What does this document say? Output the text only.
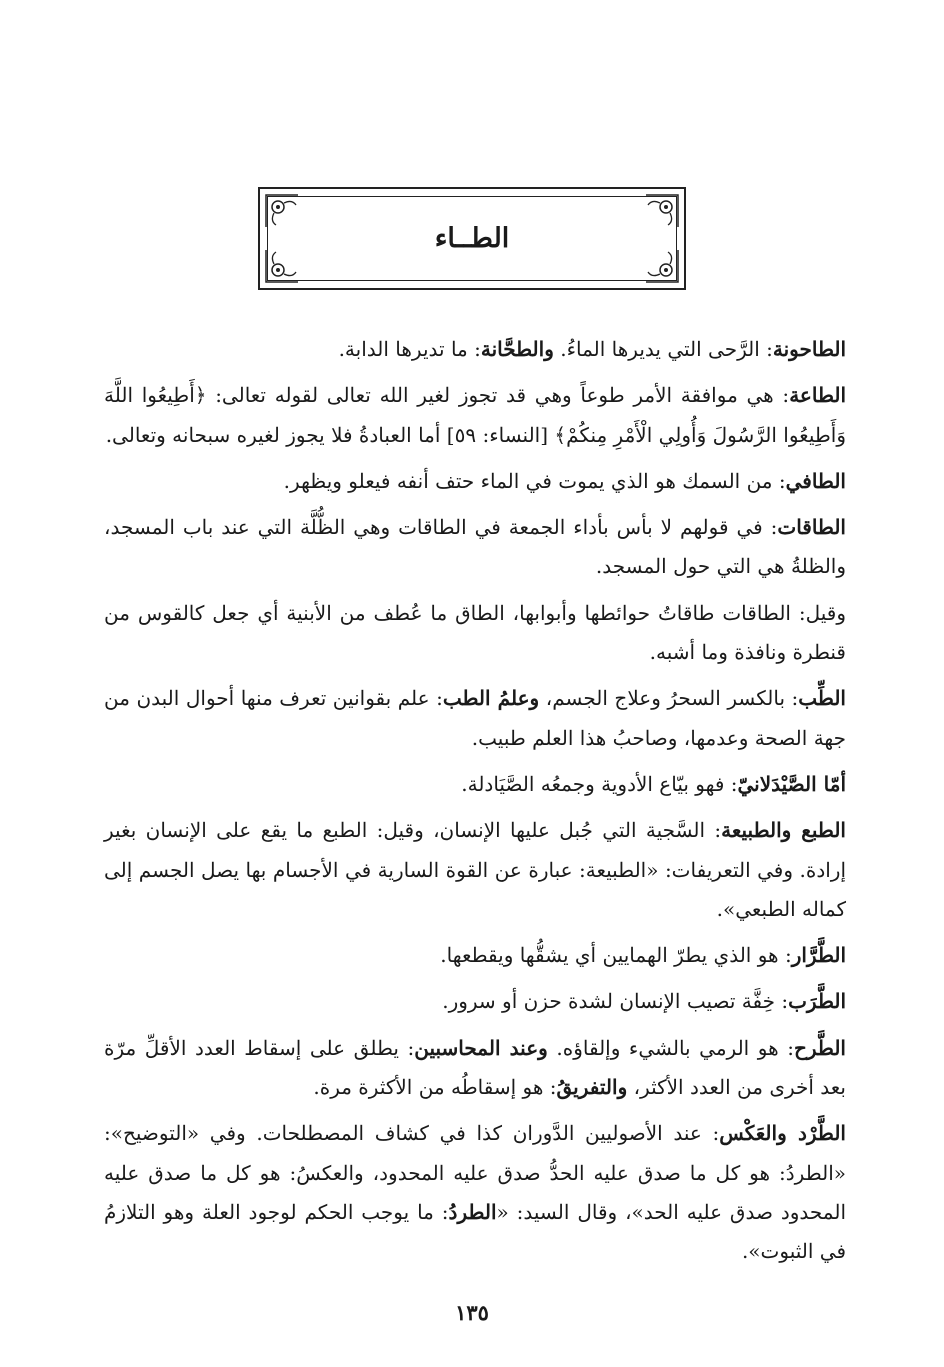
الطــاء

الطاحونة: الرَّحى التي يديرها الماءُ. والطحَّانة: ما تديرها الدابة.

الطاعة: هي موافقة الأمر طوعاً وهي قد تجوز لغير الله تعالى لقوله تعالى: ﴿أَطِيعُوا اللَّهَ وَأَطِيعُوا الرَّسُولَ وَأُولِي الْأَمْرِ مِنكُمْ﴾ [النساء: ٥٩] أما العبادةُ فلا يجوز لغيره سبحانه وتعالى.

الطافي: من السمك هو الذي يموت في الماء حتف أنفه فيعلو ويظهر.

الطاقات: في قولهم لا بأس بأداء الجمعة في الطاقات وهي الظُّلَّة التي عند باب المسجد، والظلةُ هي التي حول المسجد.

وقيل: الطاقات طاقاتُ حوائطها وأبوابها، الطاق ما عُطف من الأبنية أي جعل كالقوس من قنطرة ونافذة وما أشبه.

الطِّب: بالكسر السحرُ وعلاج الجسم، وعلمُ الطب: علم بقوانين تعرف منها أحوال البدن من جهة الصحة وعدمها، وصاحبُ هذا العلم طبيب.

أمّا الصَّيْدَلانيّ: فهو بيّاع الأدوية وجمعُه الصَّيَادلة.

الطبع والطبيعة: السَّجية التي جُبل عليها الإنسان، وقيل: الطبع ما يقع على الإنسان بغير إرادة. وفي التعريفات: «الطبيعة: عبارة عن القوة السارية في الأجسام بها يصل الجسم إلى كماله الطبعي».

الطَّرَّار: هو الذي يطرّ الهمايين أي يشقُّها ويقطعها.

الطَّرَب: خِفَّة تصيب الإنسان لشدة حزن أو سرور.

الطَّرح: هو الرمي بالشيء وإلقاؤه. وعند المحاسبين: يطلق على إسقاط العدد الأقلِّ مرّة بعد أخرى من العدد الأكثر، والتفريقُ: هو إسقاطُه من الأكثرة مرة.

الطَّرْد والعَكْس: عند الأصوليين الدَّوران كذا في كشاف المصطلحات. وفي «التوضيح»: «الطردُ: هو كل ما صدق عليه الحدُّ صدق عليه المحدود، والعكسُ: هو كل ما صدق عليه المحدود صدق عليه الحد»، وقال السيد: «الطردُ: ما يوجب الحكم لوجود العلة وهو التلازمُ في الثبوت».

١٣٥
